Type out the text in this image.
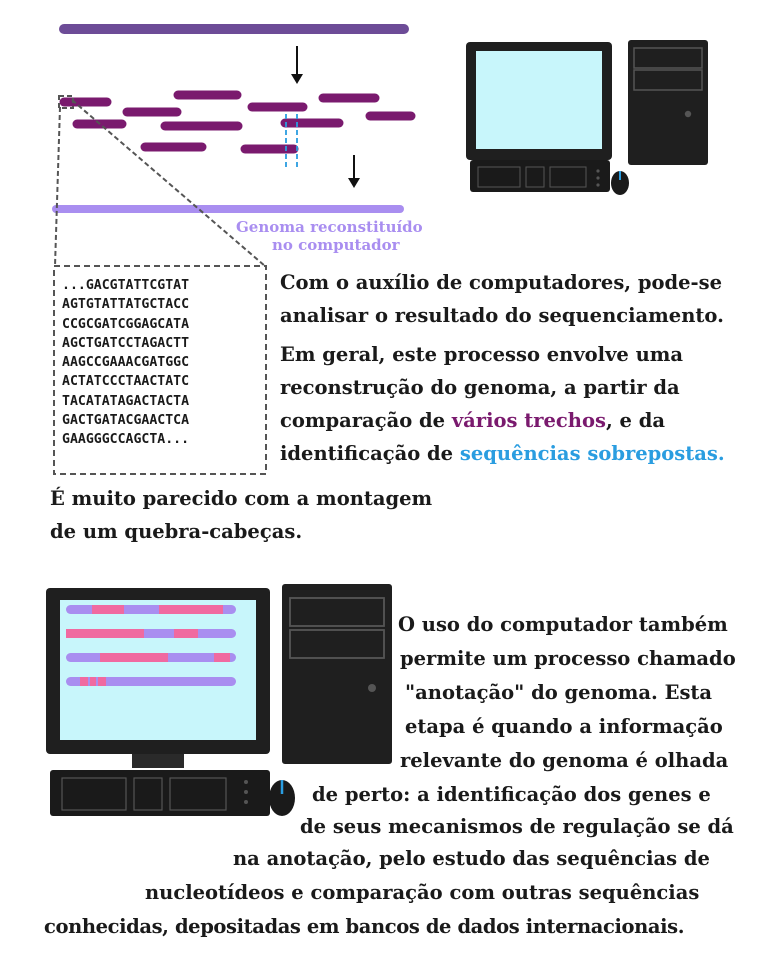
Genoma reconstituído
no computador
...GACGTATTCGTAT
AGTGTATTATGCTACC
CCGCGATCGGAGCATA
AGCTGATCCTAGACTT
AAGCCGAAACGATGGC
ACTATCCCTAACTATC
TACATATAGACTACTA
GACTGATACGAACTCA
GAAGGGCCAGCTA...
Com o auxílio de computadores, pode-se
analisar o resultado do sequenciamento.
Em geral, este processo envolve uma
reconstrução do genoma, a partir da
comparação de vários trechos, e da
identificação de sequências sobrepostas.
É muito parecido com a montagem
de um quebra-cabeças.
O uso do computador também
permite um processo chamado
"anotação" do genoma. Esta
etapa é quando a informação
relevante do genoma é olhada
de perto: a identificação dos genes e
de seus mecanismos de regulação se dá
na anotação, pelo estudo das sequências de
nucleotídeos e comparação com outras sequências
conhecidas, depositadas em bancos de dados internacionais.
